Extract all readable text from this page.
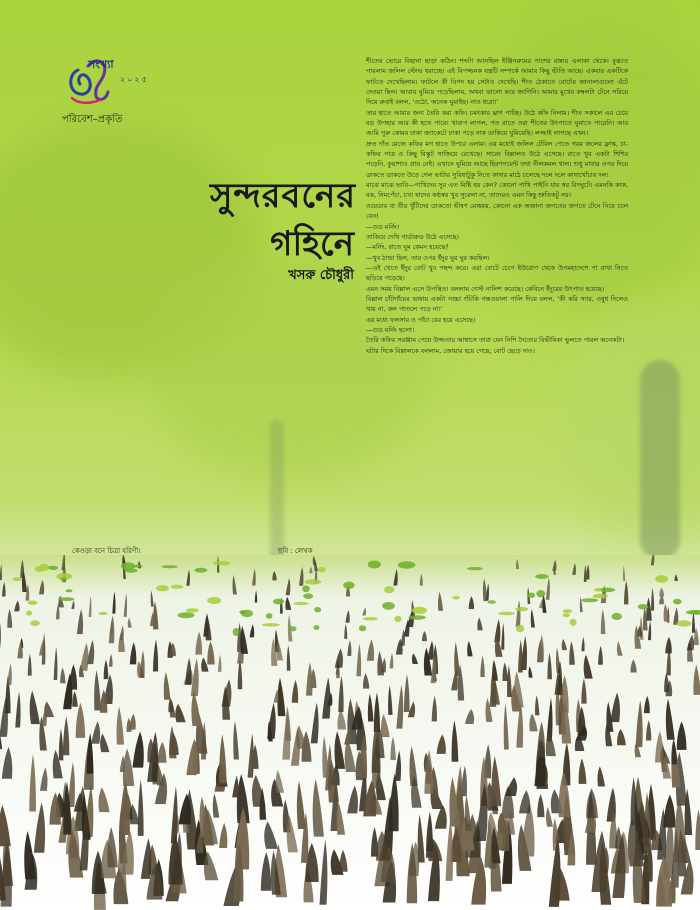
সংখ্যা
২০২৫
পরিবেশ–প্রকৃতি
সুন্দরবনের
গহিনে
খসরু চৌধুরী

শীতের ভোরে বিছানা ছাড়া কঠিন। শব্দটা আসছিল ইঞ্জিনরুমের পাশের রান্নার এলাকা থেকে। বুঝতে পারলাম জলিল স্টোভ ধরাচ্ছে। এই বিপজ্জনক যন্ত্রটি সম্পর্কে আমার কিছু ভীতি আছে। একবার একটিকে ফাটতে দেখেছিলাম। ফাটলে কী বিপদ হয় সেটাও দেখেছি। শীত ঠেকাতে বোটের জানালাগুলো এঁটে দেওয়া ছিল। আবার ঘুমিয়ে পড়েছিলাম, অথবা ভালো করে জাগিনি। আমার মুখের কম্বলটা টেনে সরিয়ে দিয়ে রুবাই বলল, ‘ওঠো, অনেক ঘুমাইছ। নাও ধরো।’

তার হাতে আমার জন্য তৈরি করা কফি। চমৎকার ঘ্রাণ পাচ্ছি। উঠে কফি নিলাম। শীত সকালে এর চেয়ে বড় উপহার আর কী হতে পারে। খারাপ লাগল, গত রাতে ওরা শীতের উৎপাতে ঘুমাতে পারেনি। আর আমি পুরু কোমর ঢাকা জ্যাকেটে ঢাকা পড়ে নাক ডাকিয়ে ঘুমিয়েছি। লজ্জাই লাগছে এখন।

দ্রুত দাঁত মেজে কফির মগ হাতে উপরে এলাম। এর মধ্যেই জলিল টেবিল পেতে গরম জলের ফ্লাস্ক, চা-কফির পাত্র ও কিছু বিস্কুট সাজিয়ে রেখেছে। সারেং বিল্লালও উঠে এসেছে। রাতে খুব একটা শিশির পড়েনি, কুয়াশাও প্রায় নেই। এখানে ঘুমিয়ে আছে হিরণপয়েন্ট তথা নীলকমল খাল। শুধু মাথার ওপর দিয়ে ডাকতে ডাকতে উড়ে গেল ভাটার সুবিধাটুকু নিতে কাদার মাঠে চলেছে দলে দলে কাদাখোঁচার দল।

মাঝে মাঝে ভাবি—পাখিদের সুর এত মিষ্টি হয় কেন? কোনো পাখি পাইনি যার স্বর বিদঘুটে। এমনকি কাক, বক, নিমপেঁচা, চখা যাদের কণ্ঠস্বর খুব সুরেলা না, তাদেরও এমন কিছু শ্রুতিকটু নয়।

ওয়েডার বা তীর খুঁটিদের ডাকতো ভীষণ মোহময়, কোনো এক অজানা জগতের জগতে টেনে নিয়ে চলে যেন!

—গুড মর্নিং।

তাকিয়ে দেখি গার্ডারুড উঠে এসেছে।

—মর্নিং, রাতে ঘুম কেমন হয়েছে?

—খুব ঠান্ডা ছিল, তার ওপর ইঁদুর ঘুর ঘুর করছিল।

—এই খেতে ইঁদুর বোট খুব পছন্দ করে। এরা বোটে চেপে ইউরোপ থেকে উপমহাদেশে পা রাখা নিতে ছড়িয়ে পড়েছে।

এমন সময় বিল্লাল এসে উপস্থিত। বললাম গেস্ট নালিশ করেছে। কেবিনে ইঁদুরের উৎপাত হয়েছে।

বিল্লাল চাঁটগাঁয়ের ভাষায় একটা সাচ্চা শুঁটকি গন্ধওয়ালা গালি দিয়ে বলল, ‘কী করি স্যার, ওষুধ দিলেও খায় না, কল পাতলে পড়ে না।’

এর মধ্যে ফলসার ও পাঁচা বের হয়ে এসেছে।

—গুড মর্নিং ছলো।

তৈরি কফির সরঞ্জাম পেয়ে উজ্জতার আশ্বাসে তারা যেন নিশি দৈত্যের বিভীষিকা ভুলতে পারল অনেকটা।

ঘটার দিকে বিল্লালকে বললাম, জোয়ার হয়ে গেছে, বোট ছেড়ে দাও।

কেওড়া বনে চিত্রা হরিণী।	ছবি : লেখক
